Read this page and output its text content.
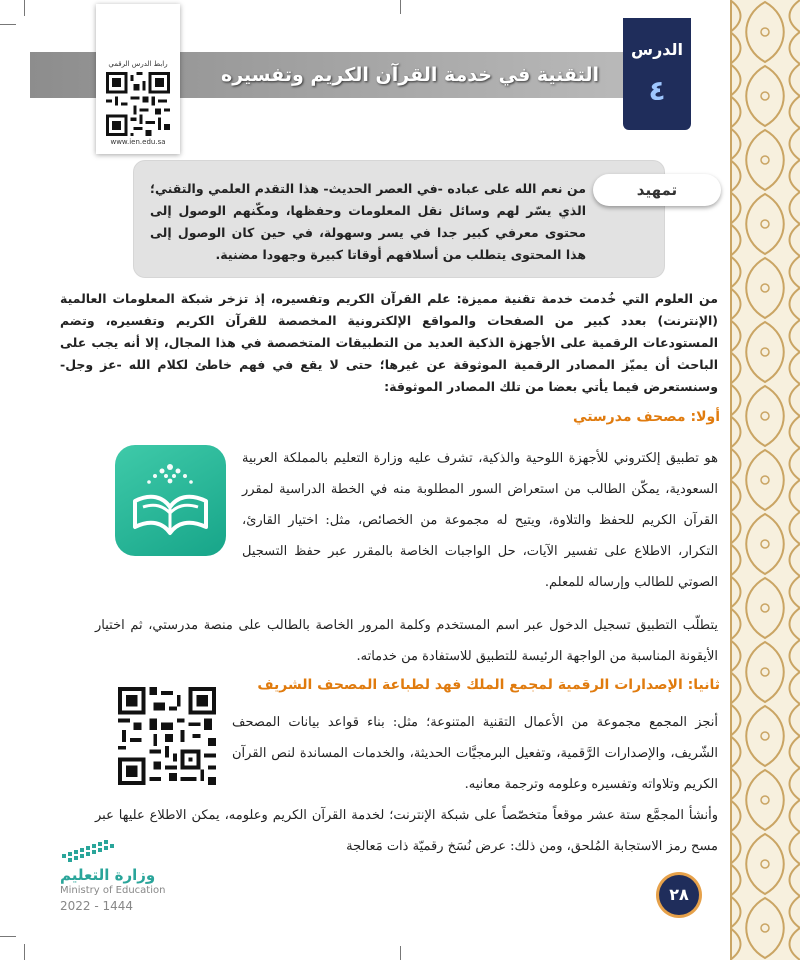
التقنية في خدمة القرآن الكريم وتفسيره
الدرس
٤
رابط الدرس الرقمي
www.ien.edu.sa
تمهيد
من نعم الله على عباده -في العصر الحديث- هذا التقدم العلمي والتقني؛ الذي يسّر لهم وسائل نقل المعلومات وحفظها، ومكّنهم الوصول إلى محتوى معرفي كبير جدا في يسر وسهولة، في حين كان الوصول إلى هذا المحتوى يتطلب من أسلافهم أوقاتا كبيرة وجهودا مضنية.
من العلوم التي خُدمت خدمة تقنية مميزة: علم القرآن الكريم وتفسيره، إذ تزخر شبكة المعلومات العالمية (الإنترنت) بعدد كبير من الصفحات والمواقع الإلكترونية المخصصة للقرآن الكريم وتفسيره، وتضم المستودعات الرقمية على الأجهزة الذكية العديد من التطبيقات المتخصصة في هذا المجال، إلا أنه يجب على الباحث أن يميّز المصادر الرقمية الموثوقة عن غيرها؛ حتى لا يقع في فهم خاطئ لكلام الله -عز وجل- وسنستعرض فيما يأتي بعضا من تلك المصادر الموثوقة:
أولا: مصحف مدرستي
هو تطبيق إلكتروني للأجهزة اللوحية والذكية، تشرف عليه وزارة التعليم بالمملكة العربية السعودية، يمكّن الطالب من استعراض السور المطلوبة منه في الخطة الدراسية لمقرر القرآن الكريم للحفظ والتلاوة، ويتيح له مجموعة من الخصائص، مثل: اختيار القارئ، التكرار، الاطلاع على تفسير الآيات، حل الواجبات الخاصة بالمقرر عبر حفظ التسجيل الصوتي للطالب وإرساله للمعلم.
يتطلّب التطبيق تسجيل الدخول عبر اسم المستخدم وكلمة المرور الخاصة بالطالب على منصة مدرستي، ثم اختيار الأيقونة المناسبة من الواجهة الرئيسة للتطبيق للاستفادة من خدماته.
ثانيا: الإصدارات الرقمية لمجمع الملك فهد لطباعة المصحف الشريف
أنجز المجمع مجموعة من الأعمال التقنية المتنوعة؛ مثل: بناء قواعد بيانات المصحف الشّريف، والإصدارات الرَّقمية، وتفعيل البرمجيَّات الحديثة، والخدمات المساندة لنص القرآن الكريم وتلاواته وتفسيره وعلومه وترجمة معانيه.
وأنشأ المجمَّع ستة عشر موقعاً متخصّصاً على شبكة الإنترنت؛ لخدمة القرآن الكريم وعلومه، يمكن الاطلاع عليها عبر مسح رمز الاستجابة المُلحق، ومن ذلك: عرض نُسَخ رقميّة ذات مَعالجة
وزارة التعليم
Ministry of Education
2022 - 1444
٢٨
